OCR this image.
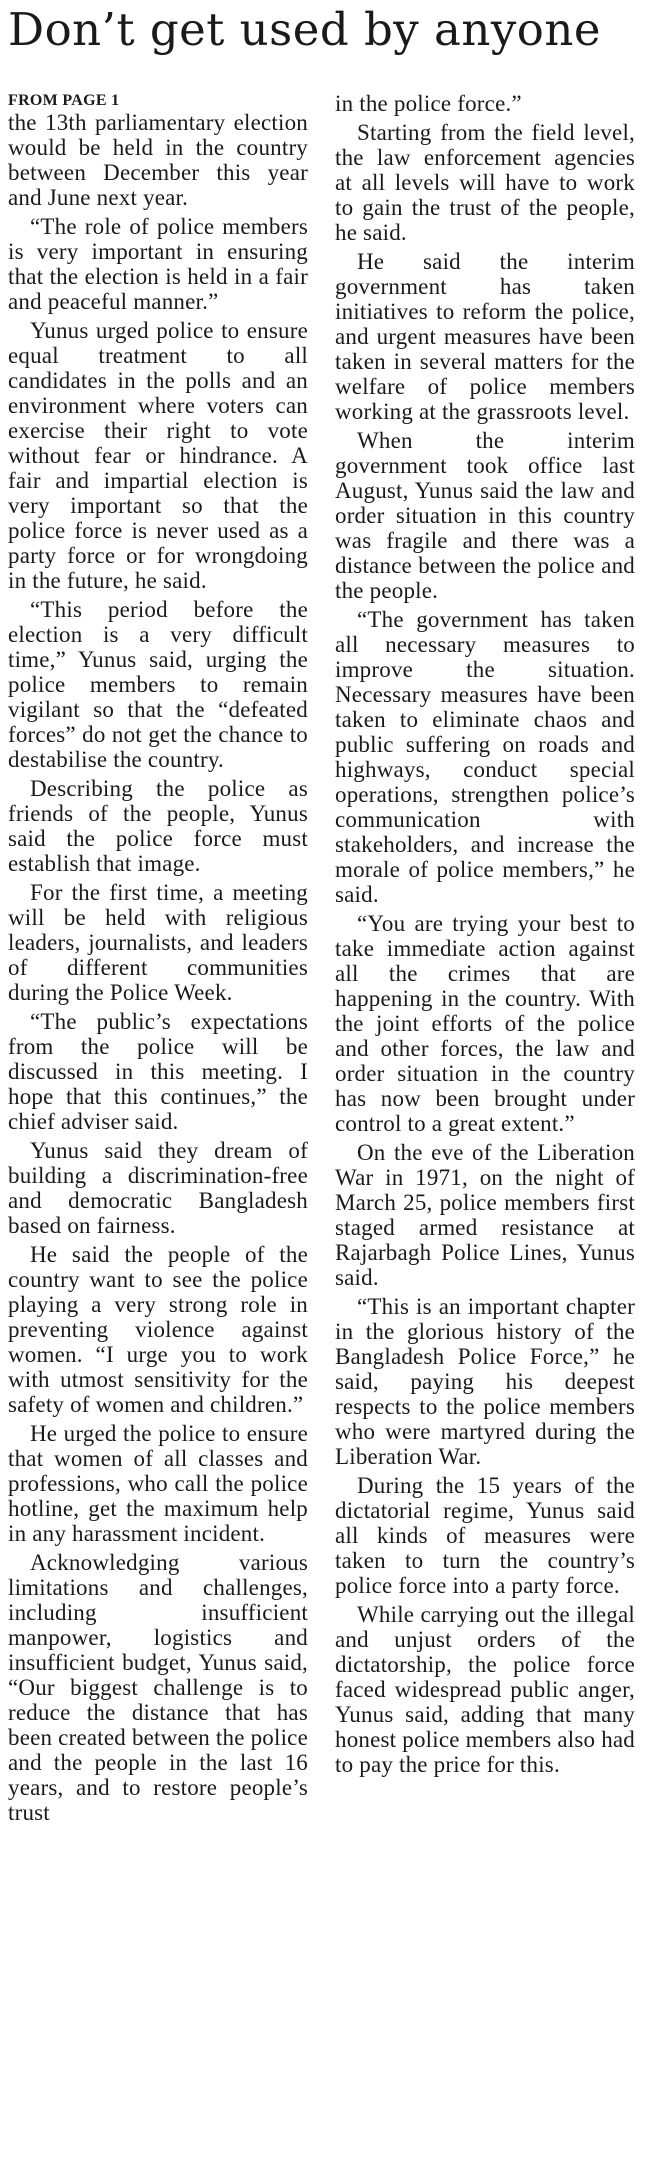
Don’t get used by anyone
FROM PAGE 1

the 13th parliamentary election would be held in the country between December this year and June next year.

“The role of police members is very important in ensuring that the election is held in a fair and peaceful manner.”

Yunus urged police to ensure equal treatment to all candidates in the polls and an environment where voters can exercise their right to vote without fear or hindrance. A fair and impartial election is very important so that the police force is never used as a party force or for wrongdoing in the future, he said.

“This period before the election is a very difficult time,” Yunus said, urging the police members to remain vigilant so that the “defeated forces” do not get the chance to destabilise the country.

Describing the police as friends of the people, Yunus said the police force must establish that image.

For the first time, a meeting will be held with religious leaders, journalists, and leaders of different communities during the Police Week.

“The public’s expectations from the police will be discussed in this meeting. I hope that this continues,” the chief adviser said.

Yunus said they dream of building a discrimination-free and democratic Bangladesh based on fairness.

He said the people of the country want to see the police playing a very strong role in preventing violence against women. “I urge you to work with utmost sensitivity for the safety of women and children.”

He urged the police to ensure that women of all classes and professions, who call the police hotline, get the maximum help in any harassment incident.

Acknowledging various limitations and challenges, including insufficient manpower, logistics and insufficient budget, Yunus said, “Our biggest challenge is to reduce the distance that has been created between the police and the people in the last 16 years, and to restore people’s trust

in the police force.”

Starting from the field level, the law enforcement agencies at all levels will have to work to gain the trust of the people, he said.

He said the interim government has taken initiatives to reform the police, and urgent measures have been taken in several matters for the welfare of police members working at the grassroots level.

When the interim government took office last August, Yunus said the law and order situation in this country was fragile and there was a distance between the police and the people.

“The government has taken all necessary measures to improve the situation. Necessary measures have been taken to eliminate chaos and public suffering on roads and highways, conduct special operations, strengthen police’s communication with stakeholders, and increase the morale of police members,” he said.

“You are trying your best to take immediate action against all the crimes that are happening in the country. With the joint efforts of the police and other forces, the law and order situation in the country has now been brought under control to a great extent.”

On the eve of the Liberation War in 1971, on the night of March 25, police members first staged armed resistance at Rajarbagh Police Lines, Yunus said.

“This is an important chapter in the glorious history of the Bangladesh Police Force,” he said, paying his deepest respects to the police members who were martyred during the Liberation War.

During the 15 years of the dictatorial regime, Yunus said all kinds of measures were taken to turn the country’s police force into a party force.

While carrying out the illegal and unjust orders of the dictatorship, the police force faced widespread public anger, Yunus said, adding that many honest police members also had to pay the price for this.
